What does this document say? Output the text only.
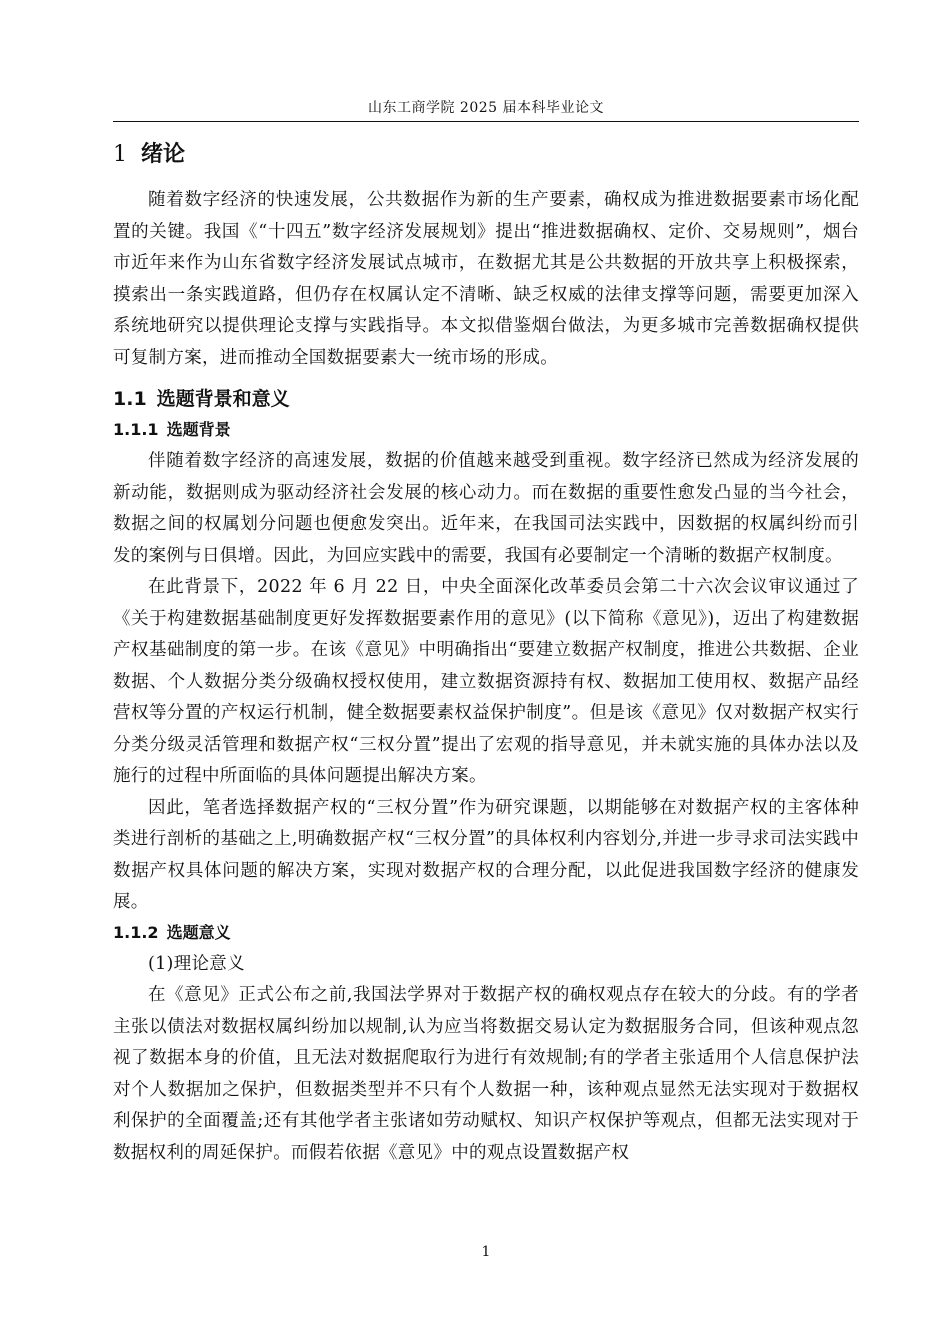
山东工商学院 2025 届本科毕业论文
1 绪论

随着数字经济的快速发展，公共数据作为新的生产要素，确权成为推进数据要素市场化配置的关键。我国《“十四五”数字经济发展规划》提出“推进数据确权、定价、交易规则”，烟台市近年来作为山东省数字经济发展试点城市，在数据尤其是公共数据的开放共享上积极探索，摸索出一条实践道路，但仍存在权属认定不清晰、缺乏权威的法律支撑等问题，需要更加深入系统地研究以提供理论支撑与实践指导。本文拟借鉴烟台做法，为更多城市完善数据确权提供可复制方案，进而推动全国数据要素大一统市场的形成。

1.1 选题背景和意义
1.1.1 选题背景

伴随着数字经济的高速发展，数据的价值越来越受到重视。数字经济已然成为经济发展的新动能，数据则成为驱动经济社会发展的核心动力。而在数据的重要性愈发凸显的当今社会，数据之间的权属划分问题也便愈发突出。近年来，在我国司法实践中，因数据的权属纠纷而引发的案例与日俱增。因此，为回应实践中的需要，我国有必要制定一个清晰的数据产权制度。

在此背景下，2022 年 6 月 22 日，中央全面深化改革委员会第二十六次会议审议通过了《关于构建数据基础制度更好发挥数据要素作用的意见》(以下简称《意见》)，迈出了构建数据产权基础制度的第一步。在该《意见》中明确指出“要建立数据产权制度，推进公共数据、企业数据、个人数据分类分级确权授权使用，建立数据资源持有权、数据加工使用权、数据产品经营权等分置的产权运行机制，健全数据要素权益保护制度”。但是该《意见》仅对数据产权实行分类分级灵活管理和数据产权“三权分置”提出了宏观的指导意见，并未就实施的具体办法以及施行的过程中所面临的具体问题提出解决方案。

因此，笔者选择数据产权的“三权分置”作为研究课题，以期能够在对数据产权的主客体种类进行剖析的基础之上,明确数据产权“三权分置”的具体权利内容划分,并进一步寻求司法实践中数据产权具体问题的解决方案，实现对数据产权的合理分配，以此促进我国数字经济的健康发展。

1.1.2 选题意义

(1)理论意义

在《意见》正式公布之前,我国法学界对于数据产权的确权观点存在较大的分歧。有的学者主张以债法对数据权属纠纷加以规制,认为应当将数据交易认定为数据服务合同，但该种观点忽视了数据本身的价值，且无法对数据爬取行为进行有效规制;有的学者主张适用个人信息保护法对个人数据加之保护，但数据类型并不只有个人数据一种，该种观点显然无法实现对于数据权利保护的全面覆盖;还有其他学者主张诸如劳动赋权、知识产权保护等观点，但都无法实现对于数据权利的周延保护。而假若依据《意见》中的观点设置数据产权

1
